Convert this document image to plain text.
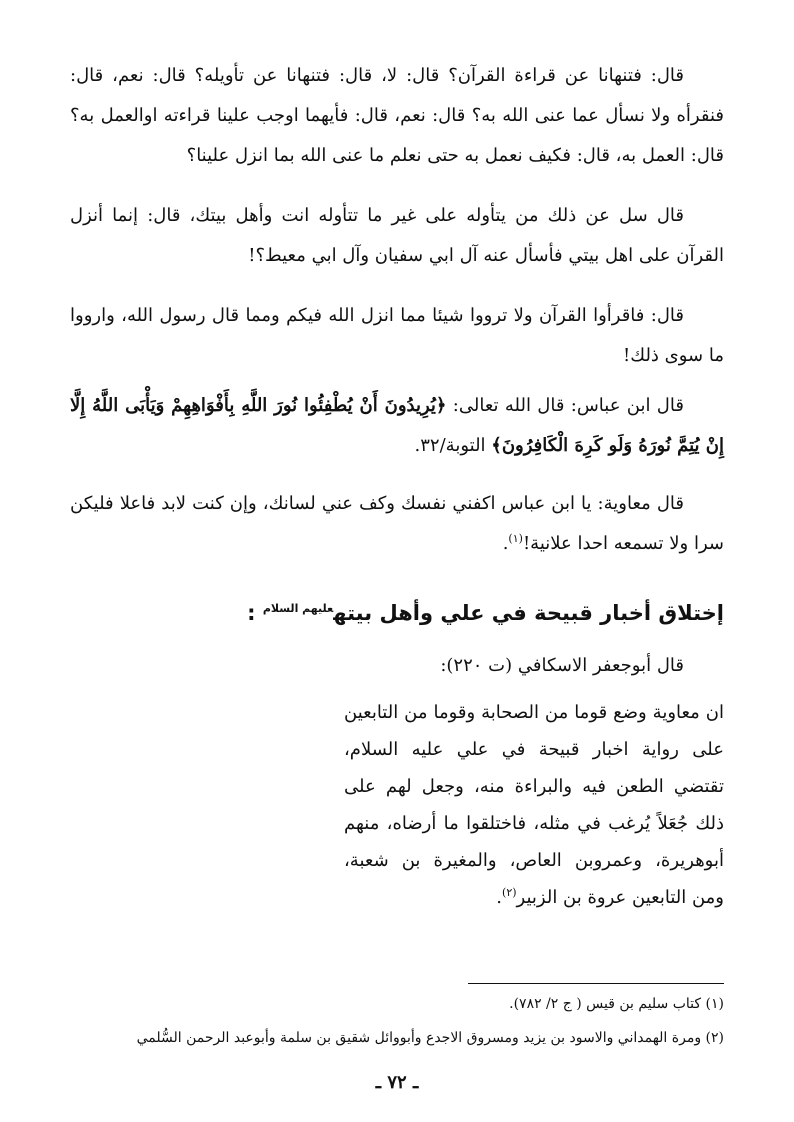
قال: فتنهانا عن قراءة القرآن؟ قال: لا، قال: فتنهانا عن تأويله؟ قال: نعم، قال: فنقرأه ولا نسأل عما عنى الله به؟ قال: نعم، قال: فأيهما اوجب علينا قراءته اوالعمل به؟ قال: العمل به، قال: فكيف نعمل به حتى نعلم ما عنى الله بما انزل علينا؟

قال سل عن ذلك من يتأوله على غير ما تتأوله انت وأهل بيتك، قال: إنما أنزل القرآن على اهل بيتي فأسأل عنه آل ابي سفيان وآل ابي معيط؟!

قال: فاقرأوا القرآن ولا ترووا شيئا مما انزل الله فيكم ومما قال رسول الله، وارووا ما سوى ذلك!

قال ابن عباس: قال الله تعالى: ﴿يُرِيدُونَ أَنْ يُطْفِئُوا نُورَ اللَّهِ بِأَفْوَاهِهِمْ وَيَأْبَى اللَّهُ إِلَّا إِنْ يُتِمَّ نُورَهُ وَلَو كَرِهَ الْكَافِرُونَ﴾ التوبة/٣٢.

قال معاوية: يا ابن عباس اكفني نفسك وكف عني لسانك، وإن كنت لابد فاعلا فليكن سرا ولا تسمعه احدا علانية!$^{(١)}$.

إختلاق أخبار قبيحة في علي وأهل بيته$^{عليهم السلام}$ :

قال أبوجعفر الاسكافي (ت ٢٢٠):

ان معاوية وضع قوما من الصحابة وقوما من التابعين على رواية اخبار قبيحة في علي عليه السلام، تقتضي الطعن فيه والبراءة منه، وجعل لهم على ذلك جُعَلاً يُرغب في مثله، فاختلقوا ما أرضاه، منهم أبوهريرة، وعمروبن العاص، والمغيرة بن شعبة، ومن التابعين عروة بن الزبير$^{(٢)}$.

(١) كتاب سليم بن قيس ( ج ٢/ ٧٨٢).

(٢) ومرة الهمداني والاسود بن يزيد ومسروق الاجدع وأبووائل شقيق بن سلمة وأبوعبد الرحمن السُّلمي

ـ ٧٢ ـ
